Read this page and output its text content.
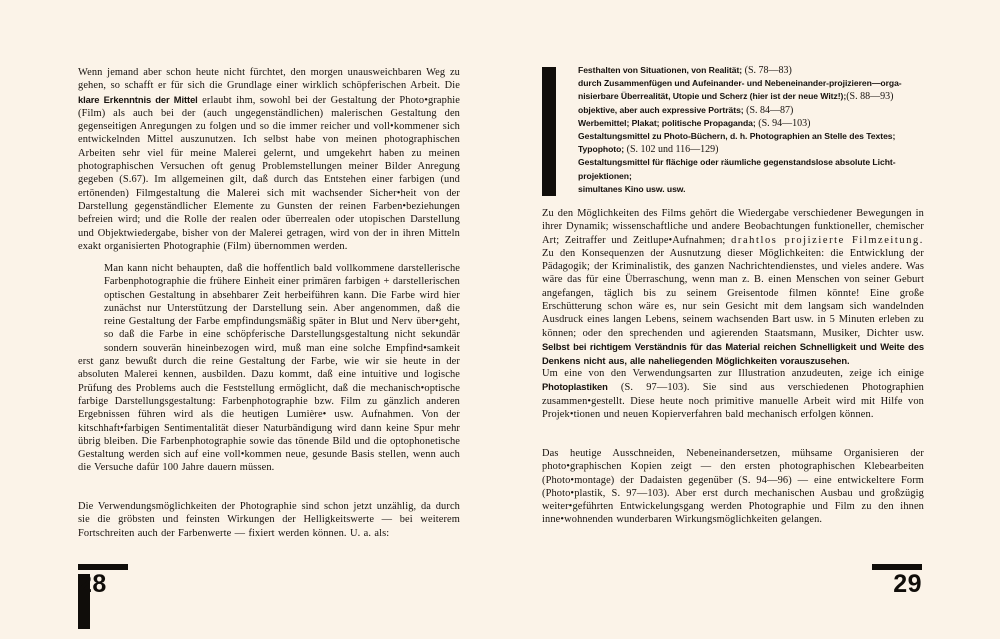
Wenn jemand aber schon heute nicht fürchtet, den morgen unausweichbaren Weg zu gehen, so schafft er für sich die Grundlage einer wirklich schöpferischen Arbeit. Die klare Erkenntnis der Mittel erlaubt ihm, sowohl bei der Gestaltung der Photo•graphie (Film) als auch bei der (auch ungegenständlichen) malerischen Gestaltung den gegenseitigen Anregungen zu folgen und so die immer reicher und voll•kommener sich entwickelnden Mittel auszunutzen. Ich selbst habe von meinen photographischen Arbeiten sehr viel für meine Malerei gelernt, und umgekehrt haben zu meinen photographischen Versuchen oft genug Problemstellungen meiner Bilder Anregung gegeben (S.67). Im allgemeinen gilt, daß durch das Entstehen einer farbigen (und ertönenden) Filmgestaltung die Malerei sich mit wachsender Sicher•heit von der Darstellung gegenständlicher Elemente zu Gunsten der reinen Farben•beziehungen befreien wird; und die Rolle der realen oder überrealen oder utopischen Darstellung und Objektwiedergabe, bisher von der Malerei getragen, wird von der in ihren Mitteln exakt organisierten Photographie (Film) übernommen werden.

Man kann nicht behaupten, daß die hoffentlich bald vollkommene darstellerische Farbenphotographie die frühere Einheit einer primären farbigen + darstellerischen optischen Gestaltung in absehbarer Zeit herbeiführen kann. Die Farbe wird hier zunächst nur Unterstützung der Darstellung sein. Aber angenommen, daß die reine Gestaltung der Farbe empfindungsmäßig später in Blut und Nerv über•geht, so daß die Farbe in eine schöpferische Darstellungsgestaltung nicht sekundär sondern souverän hineinbezogen wird, muß man eine solche Empfind•samkeit erst ganz bewußt durch die reine Gestaltung der Farbe, wie wir sie heute in der absoluten Malerei kennen, ausbilden. Dazu kommt, daß eine intuitive und logische Prüfung des Problems auch die Feststellung ermöglicht, daß die mechanisch•optische farbige Darstellungsgestaltung: Farbenphotographie bzw. Film zu gänzlich anderen Ergebnissen führen wird als die heutigen Lumière• usw. Aufnahmen. Von der kitschhaft•farbigen Sentimentalität dieser Naturbändigung wird dann keine Spur mehr übrig bleiben. Die Farbenphotographie sowie das tönende Bild und die optophonetische Gestaltung werden sich auf eine voll•kommen neue, gesunde Basis stellen, wenn auch die Versuche dafür 100 Jahre dauern müssen.

Die Verwendungsmöglichkeiten der Photographie sind schon jetzt unzählig, da durch sie die gröbsten und feinsten Wirkungen der Helligkeitswerte — bei weiterem Fortschreiten auch der Farbenwerte — fixiert werden können. U. a. als:

28
Festhalten von Situationen, von Realität; (S. 78—83)
durch Zusammenfügen und Aufeinander- und Nebeneinander-projizieren—orga-nisierbare Überrealität, Utopie und Scherz (hier ist der neue Witz!);(S. 88—93)
objektive, aber auch expressive Porträts; (S. 84—87)
Werbemittel; Plakat; politische Propaganda; (S. 94—103)
Gestaltungsmittel zu Photo-Büchern, d. h. Photographien an Stelle des Textes; Typophoto; (S. 102 und 116—129)
Gestaltungsmittel für flächige oder räumliche gegenstandslose absolute Licht-projektionen;
simultanes Kino usw. usw.

Zu den Möglichkeiten des Films gehört die Wiedergabe verschiedener Bewegungen in ihrer Dynamik; wissenschaftliche und andere Beobachtungen funktioneller, chemischer Art; Zeitraffer und Zeitlupe•Aufnahmen; drahtlos projizierte Filmzeitung. Zu den Konsequenzen der Ausnutzung dieser Möglichkeiten: die Entwicklung der Pädagogik; der Kriminalistik, des ganzen Nachrichtendienstes, und vieles andere. Was wäre das für eine Überraschung, wenn man z. B. einen Menschen von seiner Geburt angefangen, täglich bis zu seinem Greisentode filmen könnte! Eine große Erschütterung schon wäre es, nur sein Gesicht mit dem langsam sich wandelnden Ausdruck eines langen Lebens, seinem wachsenden Bart usw. in 5 Minuten erleben zu können; oder den sprechenden und agierenden Staatsmann, Musiker, Dichter usw. Selbst bei richtigem Verständnis für das Material reichen Schnelligkeit und Weite des Denkens nicht aus, alle naheliegenden Möglichkeiten vorauszusehen.

Um eine von den Verwendungsarten zur Illustration anzudeuten, zeige ich einige Photoplastiken (S. 97—103). Sie sind aus verschiedenen Photographien zusammen•gestellt. Diese heute noch primitive manuelle Arbeit wird mit Hilfe von Projek•tionen und neuen Kopierverfahren bald mechanisch erfolgen können.

Das heutige Ausschneiden, Nebeneinandersetzen, mühsame Organisieren der photo•graphischen Kopien zeigt — den ersten photographischen Klebearbeiten (Photo•montage) der Dadaisten gegenüber (S. 94—96) — eine entwickeltere Form (Photo•plastik, S. 97—103). Aber erst durch mechanischen Ausbau und großzügig weiter•geführten Entwickelungsgang werden Photographie und Film zu den ihnen inne•wohnenden wunderbaren Wirkungsmöglichkeiten gelangen.

29
